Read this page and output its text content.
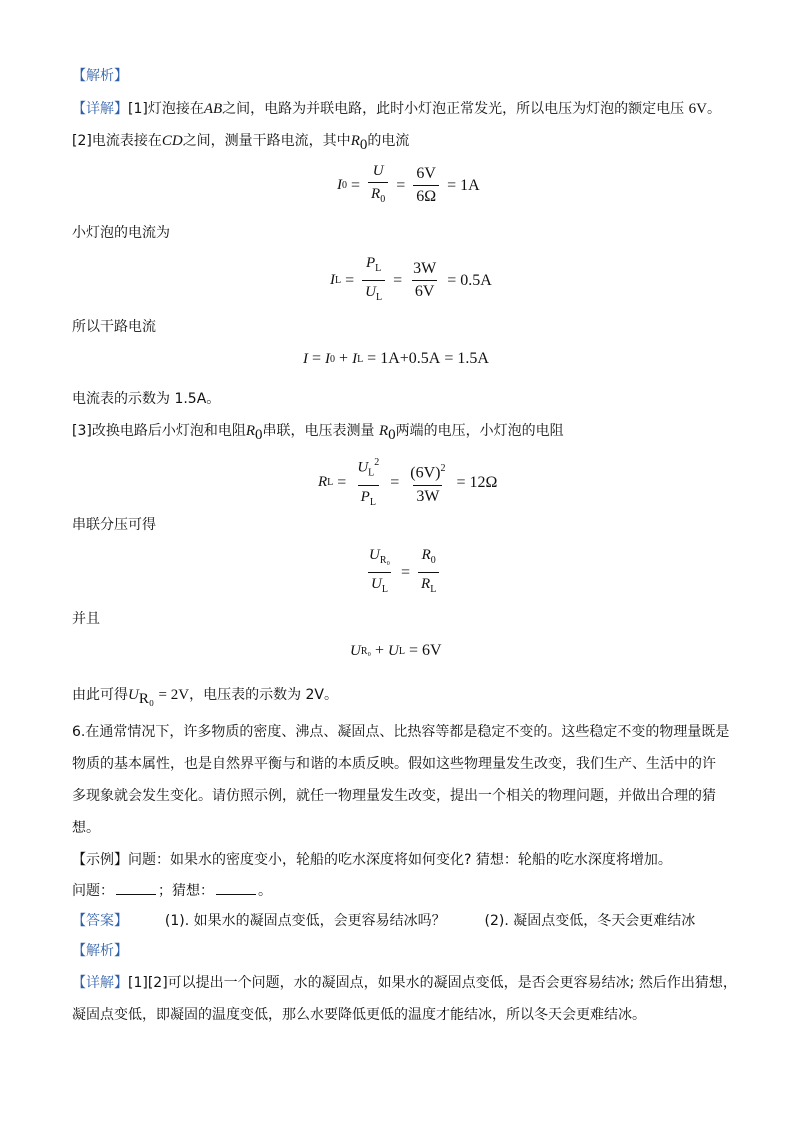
【解析】
【详解】[1]灯泡接在AB之间，电路为并联电路，此时小灯泡正常发光，所以电压为灯泡的额定电压 6V。
[2]电流表接在CD之间，测量干路电流，其中$R_0$的电流
I $0 = \frac{U}{R_0} = \frac{6V}{6\Omega} = 1A$
小灯泡的电流为
I $L = \frac{P_L}{U_L} = \frac{3W}{6V} = 0.5A$
所以干路电流
I = I 0 + I L = 1A+0.5A = 1.5A
电流表的示数为 1.5A。
[3]改换电路后小灯泡和电阻$R_0$串联，电压表测量 $R_0$两端的电压，小灯泡的电阻
R $L = \frac{U_L^2}{P_L} = \frac{(6V)^2}{3W} = 12\Omega$
串联分压可得
$\frac{U_{R_0}}{U_L} = \frac{R_0}{R_L}$
并且
U R₀ + U L = 6V
由此可得$U_{R_0} = 2V$，电压表的示数为 2V。
6.在通常情况下，许多物质的密度、沸点、凝固点、比热容等都是稳定不变的。这些稳定不变的物理量既是
物质的基本属性，也是自然界平衡与和谐的本质反映。假如这些物理量发生改变，我们生产、生活中的许
多现象就会发生变化。请仿照示例，就任一物理量发生改变，提出一个相关的物理问题，并做出合理的猜
想。
【示例】问题：如果水的密度变小，轮船的吃水深度将如何变化? 猜想：轮船的吃水深度将增加。
问题：	；猜想：	。
【答案】	(1). 如果水的凝固点变低，会更容易结冰吗？	(2). 凝固点变低，冬天会更难结冰
【解析】
【详解】[1][2]可以提出一个问题，水的凝固点，如果水的凝固点变低，是否会更容易结冰; 然后作出猜想，
凝固点变低，即凝固的温度变低，那么水要降低更低的温度才能结冰，所以冬天会更难结冰。
